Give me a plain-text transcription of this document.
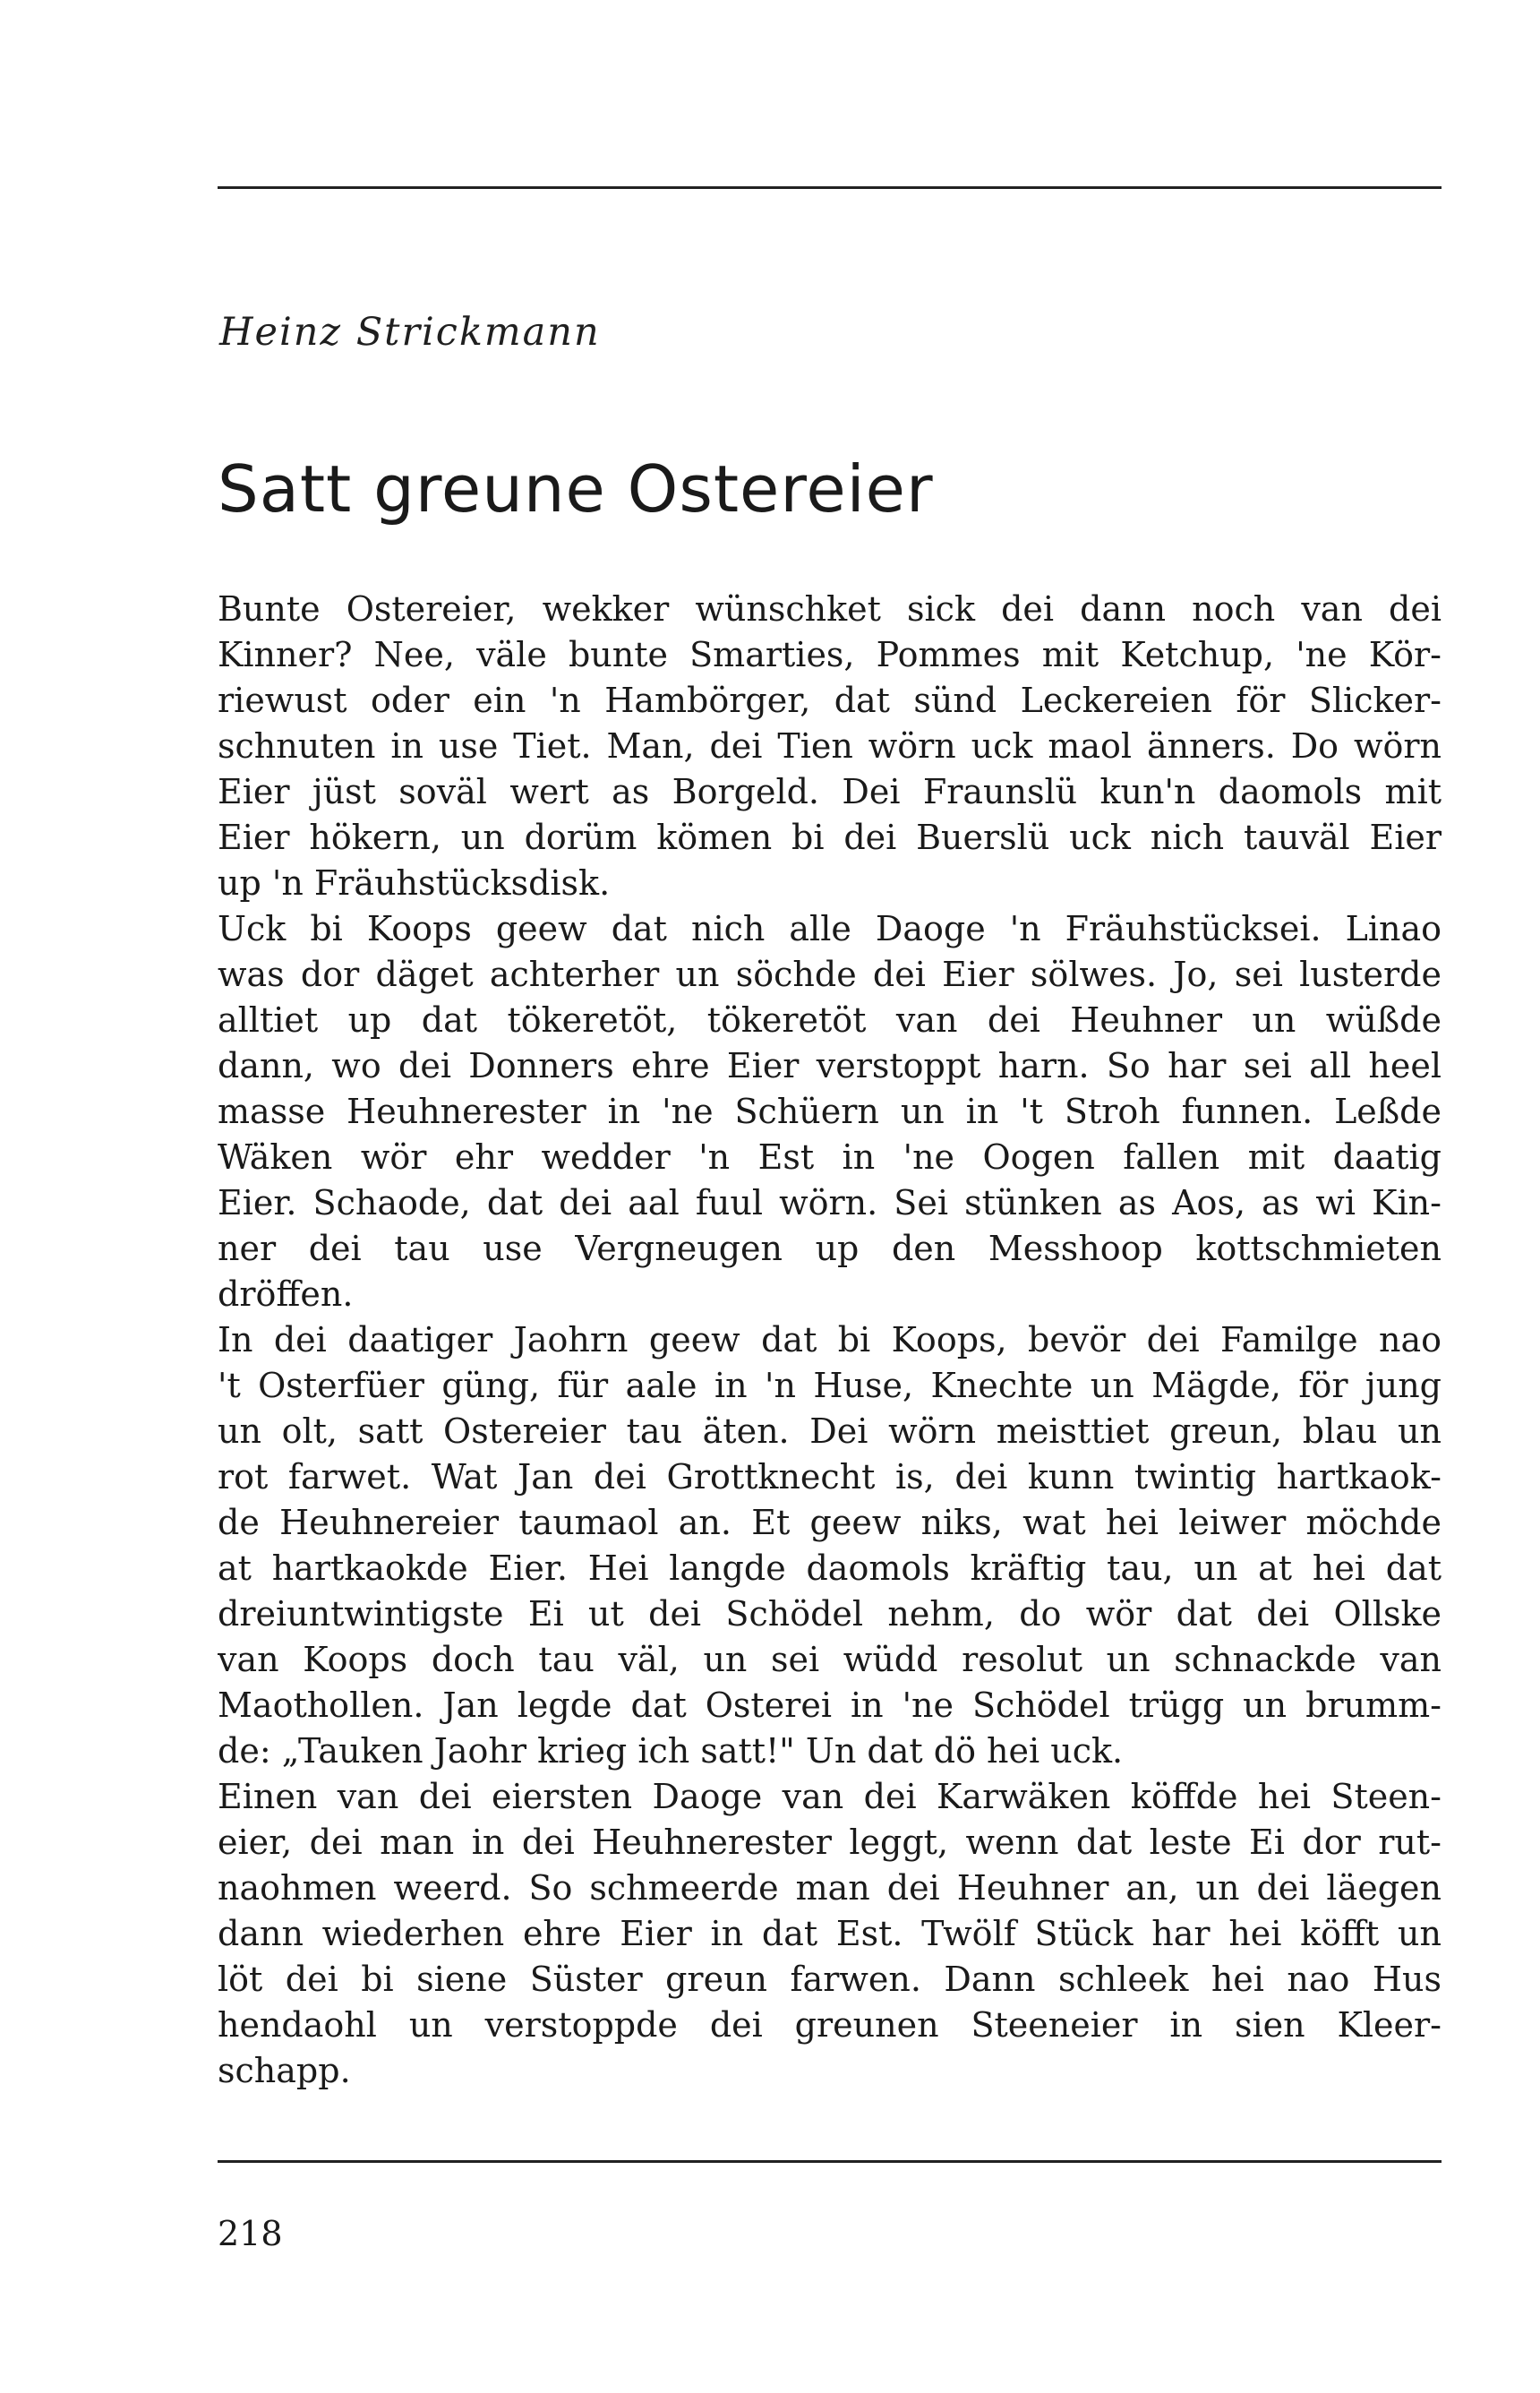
Heinz Strickmann
Satt greune Ostereier
Bunte Ostereier, wekker wünschket sick dei dann noch van dei
Kinner? Nee, väle bunte Smarties, Pommes mit Ketchup, 'ne Kör-
riewust oder ein 'n Hambörger, dat sünd Leckereien för Slicker-
schnuten in use Tiet. Man, dei Tien wörn uck maol änners. Do wörn
Eier jüst soväl wert as Borgeld. Dei Fraunslü kun'n daomols mit
Eier hökern, un dorüm kömen bi dei Buerslü uck nich tauväl Eier
up 'n Fräuhstücksdisk.
Uck bi Koops geew dat nich alle Daoge 'n Fräuhstücksei. Linao
was dor däget achterher un söchde dei Eier sölwes. Jo, sei lusterde
alltiet up dat tökeretöt, tökeretöt van dei Heuhner un wüßde
dann, wo dei Donners ehre Eier verstoppt harn. So har sei all heel
masse Heuhnerester in 'ne Schüern un in 't Stroh funnen. Leßde
Wäken wör ehr wedder 'n Est in 'ne Oogen fallen mit daatig
Eier. Schaode, dat dei aal fuul wörn. Sei stünken as Aos, as wi Kin-
ner dei tau use Vergneugen up den Messhoop kottschmieten
dröffen.
In dei daatiger Jaohrn geew dat bi Koops, bevör dei Familge nao
't Osterfüer güng, für aale in 'n Huse, Knechte un Mägde, för jung
un olt, satt Ostereier tau äten. Dei wörn meisttiet greun, blau un
rot farwet. Wat Jan dei Grottknecht is, dei kunn twintig hartkaok-
de Heuhnereier taumaol an. Et geew niks, wat hei leiwer möchde
at hartkaokde Eier. Hei langde daomols kräftig tau, un at hei dat
dreiuntwintigste Ei ut dei Schödel nehm, do wör dat dei Ollske
van Koops doch tau väl, un sei wüdd resolut un schnackde van
Maothollen. Jan legde dat Osterei in 'ne Schödel trügg un brumm-
de: „Tauken Jaohr krieg ich satt!" Un dat dö hei uck.
Einen van dei eiersten Daoge van dei Karwäken köffde hei Steen-
eier, dei man in dei Heuhnerester leggt, wenn dat leste Ei dor rut-
naohmen weerd. So schmeerde man dei Heuhner an, un dei läegen
dann wiederhen ehre Eier in dat Est. Twölf Stück har hei köfft un
löt dei bi siene Süster greun farwen. Dann schleek hei nao Hus
hendaohl un verstoppde dei greunen Steeneier in sien Kleer-
schapp.
218
